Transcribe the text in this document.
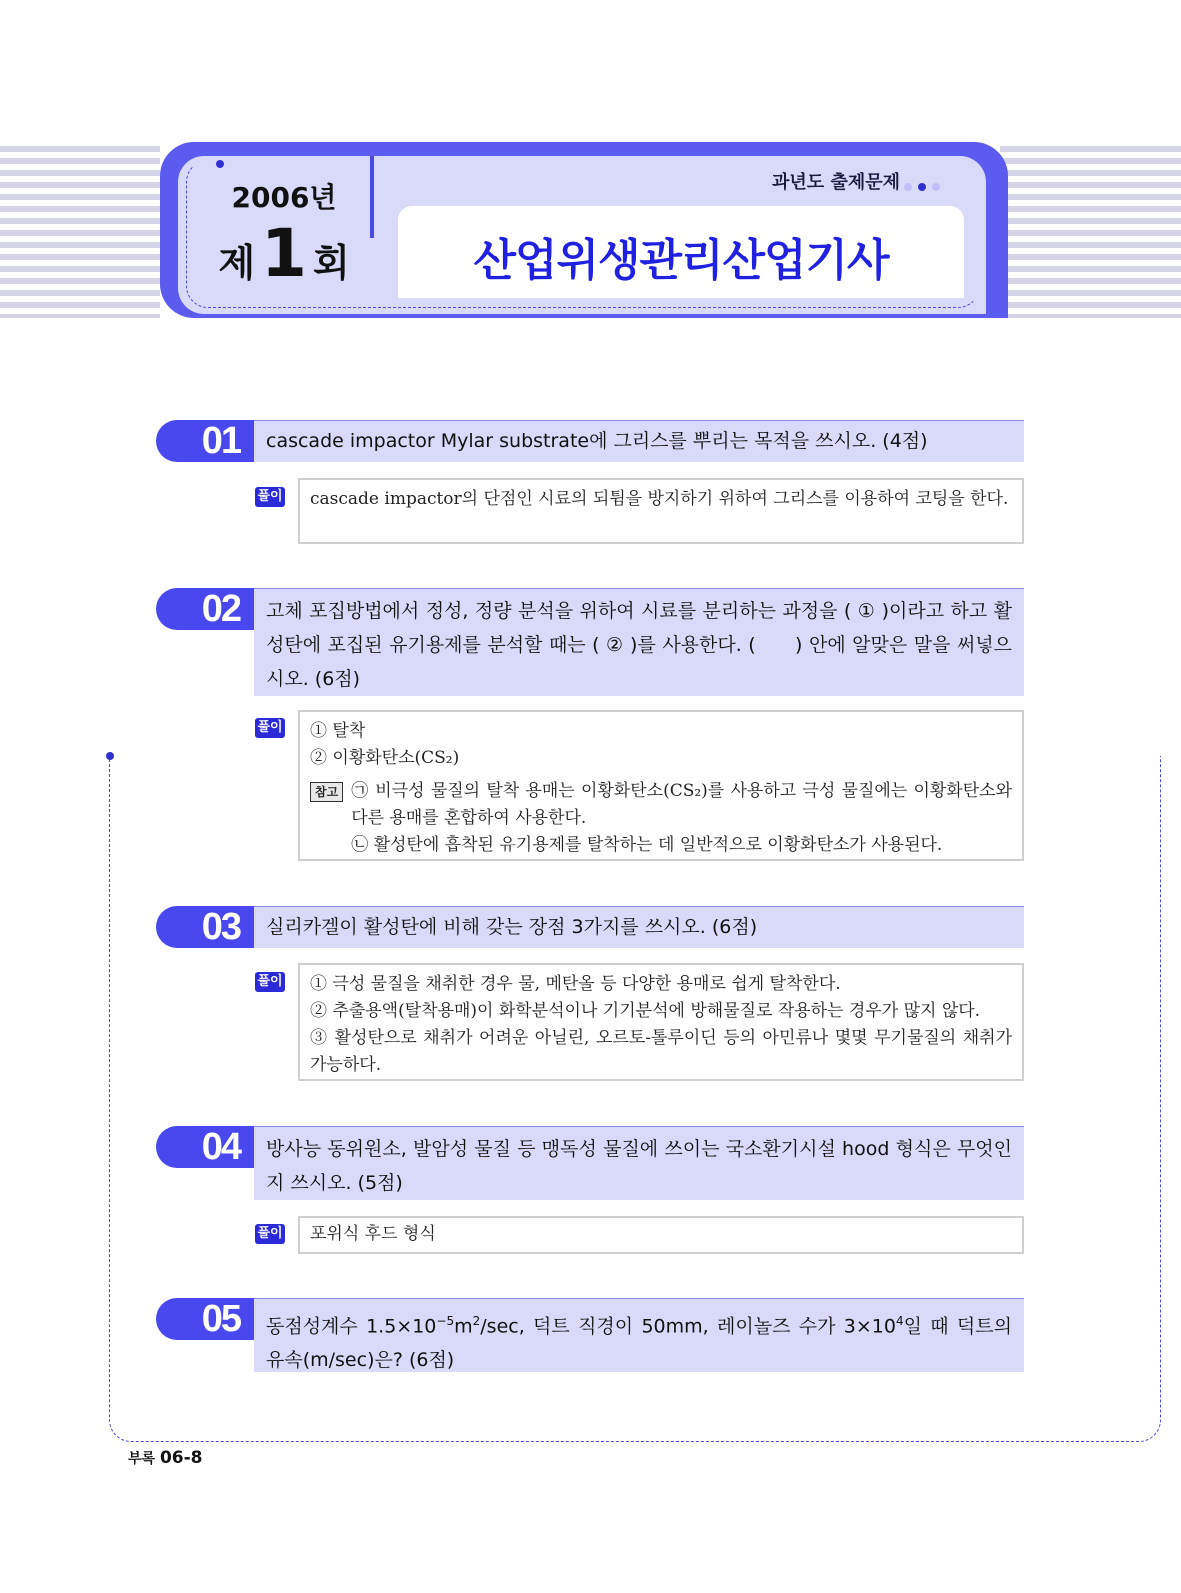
2006년
제1 회
과년도 출제문제
산업위생관리산업기사
01	cascade impactor Mylar substrate에 그리스를 뿌리는 목적을 쓰시오. (4점)
풀이	cascade impactor의 단점인 시료의 되튐을 방지하기 위하여 그리스를 이용하여 코팅을 한다.
02	고체 포집방법에서 정성, 정량 분석을 위하여 시료를 분리하는 과정을 ( ① )이라고 하고 활성탄에 포집된 유기용제를 분석할 때는 ( ② )를 사용한다. (　　) 안에 알맞은 말을 써넣으시오. (6점)
풀이 ① 탈착
② 이황화탄소(CS₂)
참고 ㉠ 비극성 물질의 탈착 용매는 이황화탄소(CS₂)를 사용하고 극성 물질에는 이황화탄소와 다른 용매를 혼합하여 사용한다.
㉡ 활성탄에 흡착된 유기용제를 탈착하는 데 일반적으로 이황화탄소가 사용된다.
03	실리카겔이 활성탄에 비해 갖는 장점 3가지를 쓰시오. (6점)
풀이 ① 극성 물질을 채취한 경우 물, 메탄올 등 다양한 용매로 쉽게 탈착한다.
② 추출용액(탈착용매)이 화학분석이나 기기분석에 방해물질로 작용하는 경우가 많지 않다.
③ 활성탄으로 채취가 어려운 아닐린, 오르토-톨루이딘 등의 아민류나 몇몇 무기물질의 채취가 가능하다.
04	방사능 동위원소, 발암성 물질 등 맹독성 물질에 쓰이는 국소환기시설 hood 형식은 무엇인지 쓰시오. (5점)
풀이	포위식 후드 형식
05	동점성계수 $1.5\times 10^{-5}m^2/\sec$, 덕트 직경이 50mm, 레이놀즈 수가 $3\times 10^4$일 때 덕트의 유속(m/sec)은? (6점)
부록 06-8
